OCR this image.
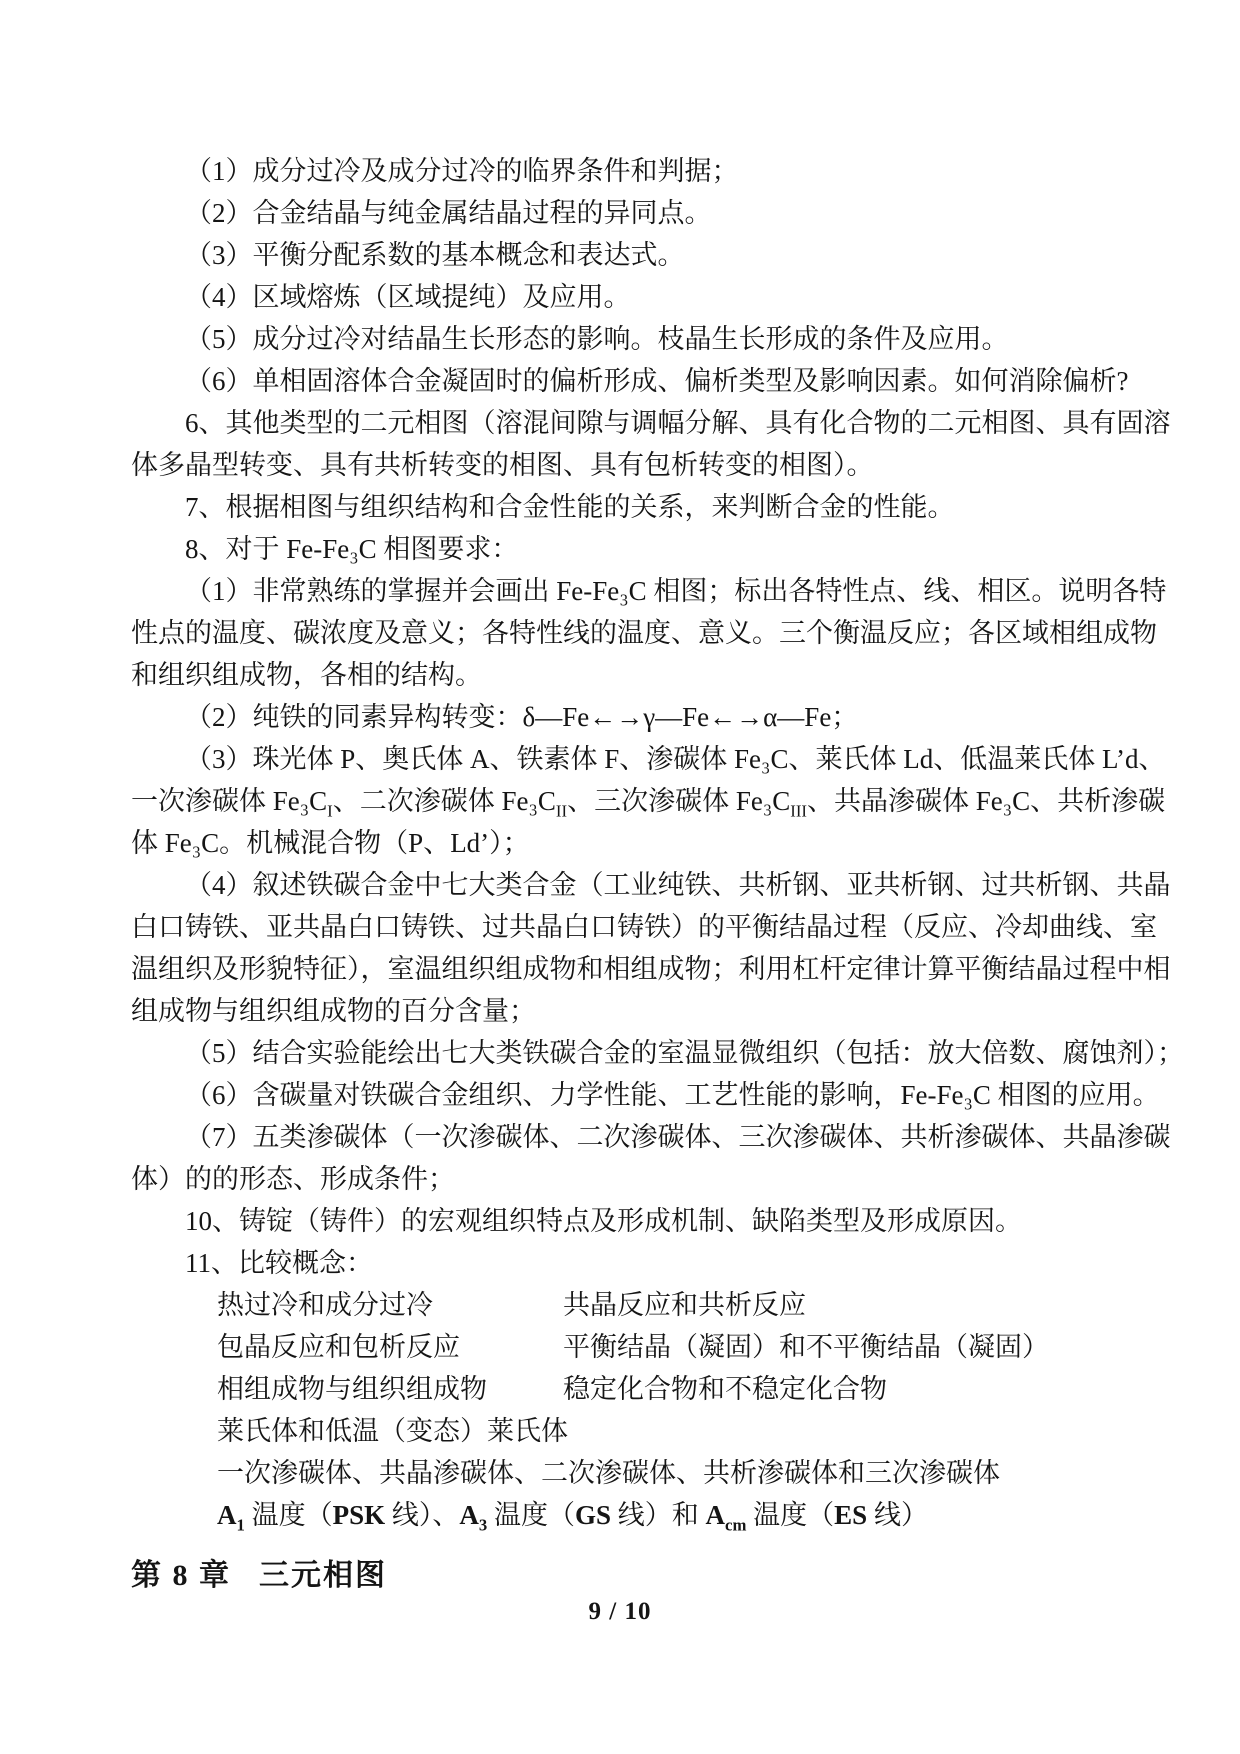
（1）成分过冷及成分过冷的临界条件和判据；
（2）合金结晶与纯金属结晶过程的异同点。
（3）平衡分配系数的基本概念和表达式。
（4）区域熔炼（区域提纯）及应用。
（5）成分过冷对结晶生长形态的影响。枝晶生长形成的条件及应用。
（6）单相固溶体合金凝固时的偏析形成、偏析类型及影响因素。如何消除偏析?
6、其他类型的二元相图（溶混间隙与调幅分解、具有化合物的二元相图、具有固溶
体多晶型转变、具有共析转变的相图、具有包析转变的相图）。
7、根据相图与组织结构和合金性能的关系，来判断合金的性能。
8、对于 Fe-Fe₃C 相图要求：
（1）非常熟练的掌握并会画出 Fe-Fe₃C 相图；标出各特性点、线、相区。说明各特
性点的温度、碳浓度及意义；各特性线的温度、意义。三个衡温反应；各区域相组成物
和组织组成物，各相的结构。
（2）纯铁的同素异构转变：δ—Fe←→γ—Fe←→α—Fe；
（3）珠光体 P、奥氏体 A、铁素体 F、渗碳体 Fe₃C、莱氏体 Ld、低温莱氏体 L’d、
一次渗碳体 $Fe_3C_I$、二次渗碳体 $Fe_3C_{II}$、三次渗碳体 $Fe_3C_{III}$、共晶渗碳体 Fe₃C、共析渗碳
体 Fe₃C。机械混合物（P、Ld’）；
（4）叙述铁碳合金中七大类合金（工业纯铁、共析钢、亚共析钢、过共析钢、共晶
白口铸铁、亚共晶白口铸铁、过共晶白口铸铁）的平衡结晶过程（反应、冷却曲线、室
温组织及形貌特征），室温组织组成物和相组成物；利用杠杆定律计算平衡结晶过程中相
组成物与组织组成物的百分含量；
（5）结合实验能绘出七大类铁碳合金的室温显微组织（包括：放大倍数、腐蚀剂）；
（6）含碳量对铁碳合金组织、力学性能、工艺性能的影响，Fe-Fe₃C 相图的应用。
（7）五类渗碳体（一次渗碳体、二次渗碳体、三次渗碳体、共析渗碳体、共晶渗碳
体）的的形态、形成条件；
10、铸锭（铸件）的宏观组织特点及形成机制、缺陷类型及形成原因。
11、比较概念：
热过冷和成分过冷	共晶反应和共析反应
包晶反应和包析反应	平衡结晶（凝固）和不平衡结晶（凝固）
相组成物与组织组成物	稳定化合物和不稳定化合物
莱氏体和低温（变态）莱氏体
一次渗碳体、共晶渗碳体、二次渗碳体、共析渗碳体和三次渗碳体
$A_1$ 温度（PSK 线）、$A_3$ 温度（GS 线）和 $A_{cm}$ 温度（ES 线）
第 8 章 三元相图
9 / 10
